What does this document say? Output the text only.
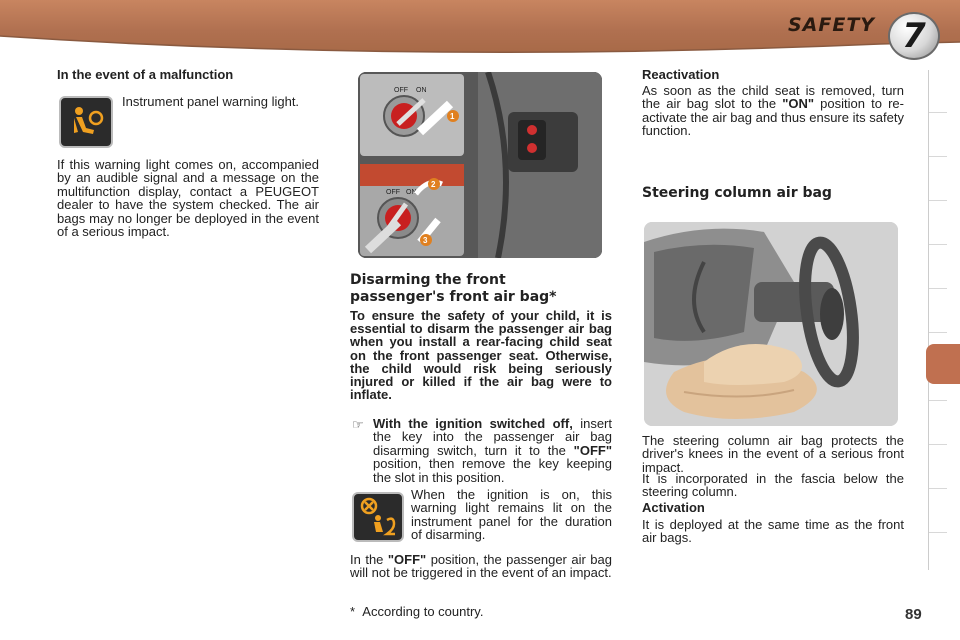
SAFETY 7
In the event of a malfunction
Instrument panel warning light.
If this warning light comes on, accompanied by an audible signal and a message on the multifunction display, contact a PEUGEOT dealer to have the system checked. The air bags may no longer be deployed in the event of a serious impact.
OFF ON
1
OFF ON
2
3
Disarming the front passenger's front air bag*
To ensure the safety of your child, it is essential to disarm the passenger air bag when you install a rear-facing child seat on the front passenger seat. Otherwise, the child would risk being seriously injured or killed if the air bag were to inflate.
☞ With the ignition switched off, insert the key into the passenger air bag disarming switch, turn it to the "OFF" position, then remove the key keeping the slot in this position.
When the ignition is on, this warning light remains lit on the instrument panel for the duration of disarming.
In the "OFF" position, the passenger air bag will not be triggered in the event of an impact.
* According to country.
Reactivation
As soon as the child seat is removed, turn the air bag slot to the "ON" position to re-activate the air bag and thus ensure its safety function.
Steering column air bag
The steering column air bag protects the driver's knees in the event of a serious front impact.
It is incorporated in the fascia below the steering column.
Activation
It is deployed at the same time as the front air bags.
89
